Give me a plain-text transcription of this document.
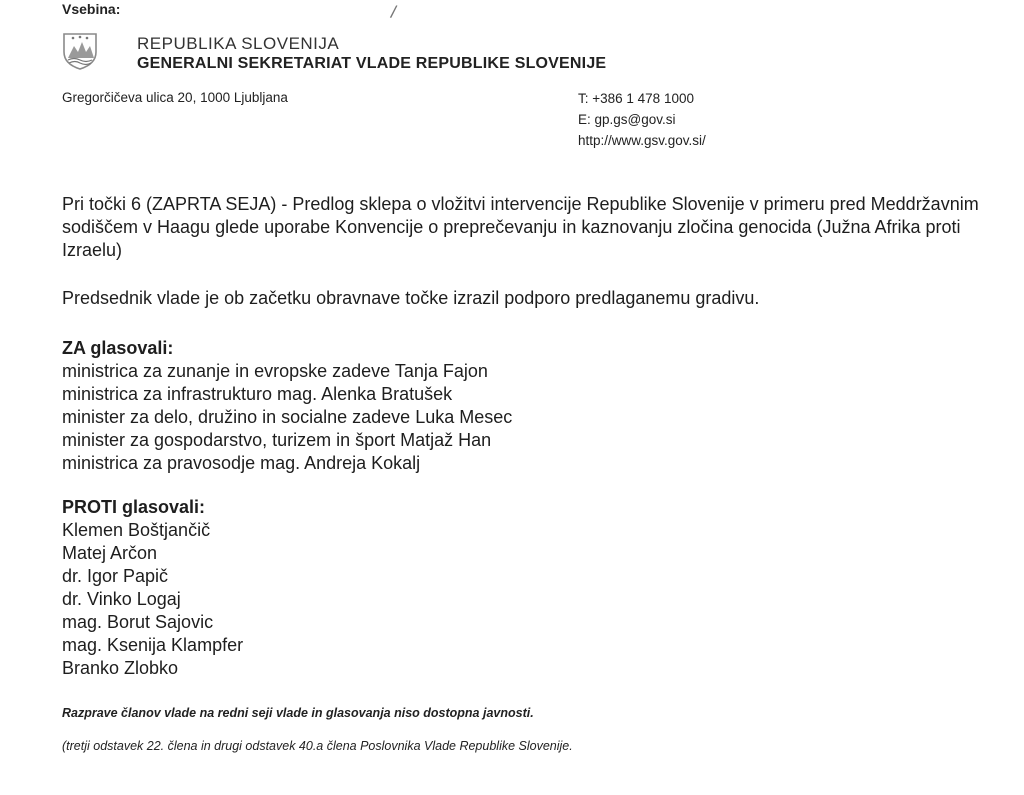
Vsebina:	/
REPUBLIKA SLOVENIJA
GENERALNI SEKRETARIAT VLADE REPUBLIKE SLOVENIJE
Gregorčičeva ulica 20, 1000 Ljubljana	T: +386 1 478 1000
E: gp.gs@gov.si
http://www.gsv.gov.si/
Pri točki 6 (ZAPRTA SEJA) - Predlog sklepa o vložitvi intervencije Republike Slovenije v primeru pred Meddržavnim sodiščem v Haagu glede uporabe Konvencije o preprečevanju in kaznovanju zločina genocida (Južna Afrika proti Izraelu)
Predsednik vlade je ob začetku obravnave točke izrazil podporo predlaganemu gradivu.
ZA glasovali:
ministrica za zunanje in evropske zadeve Tanja Fajon
ministrica za infrastrukturo mag. Alenka Bratušek
minister za delo, družino in socialne zadeve Luka Mesec
minister za gospodarstvo, turizem in šport Matjaž Han
ministrica za pravosodje mag. Andreja Kokalj
PROTI glasovali:
Klemen Boštjančič
Matej Arčon
dr. Igor Papič
dr. Vinko Logaj
mag. Borut Sajovic
mag. Ksenija Klampfer
Branko Zlobko
Razprave članov vlade na redni seji vlade in glasovanja niso dostopna javnosti.
(tretji odstavek 22. člena in drugi odstavek 40.a člena Poslovnika Vlade Republike Slovenije.
